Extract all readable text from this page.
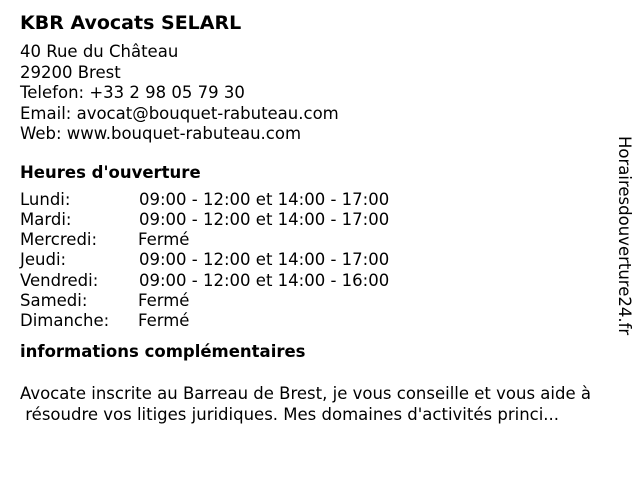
KBR Avocats SELARL
40 Rue du Château
29200 Brest
Telefon: +33 2 98 05 79 30
Email: avocat@bouquet-rabuteau.com
Web: www.bouquet-rabuteau.com
Heures d'ouverture
Lundi:	09:00 - 12:00 et 14:00 - 17:00
Mardi:	09:00 - 12:00 et 14:00 - 17:00
Mercredi: Fermé
Jeudi:	09:00 - 12:00 et 14:00 - 17:00
Vendredi: 09:00 - 12:00 et 14:00 - 16:00
Samedi:	Fermé
Dimanche: Fermé
informations complémentaires
Avocate inscrite au Barreau de Brest, je vous conseille et vous aide à
résoudre vos litiges juridiques. Mes domaines d'activités princi...
Horairesdouverture24.fr
